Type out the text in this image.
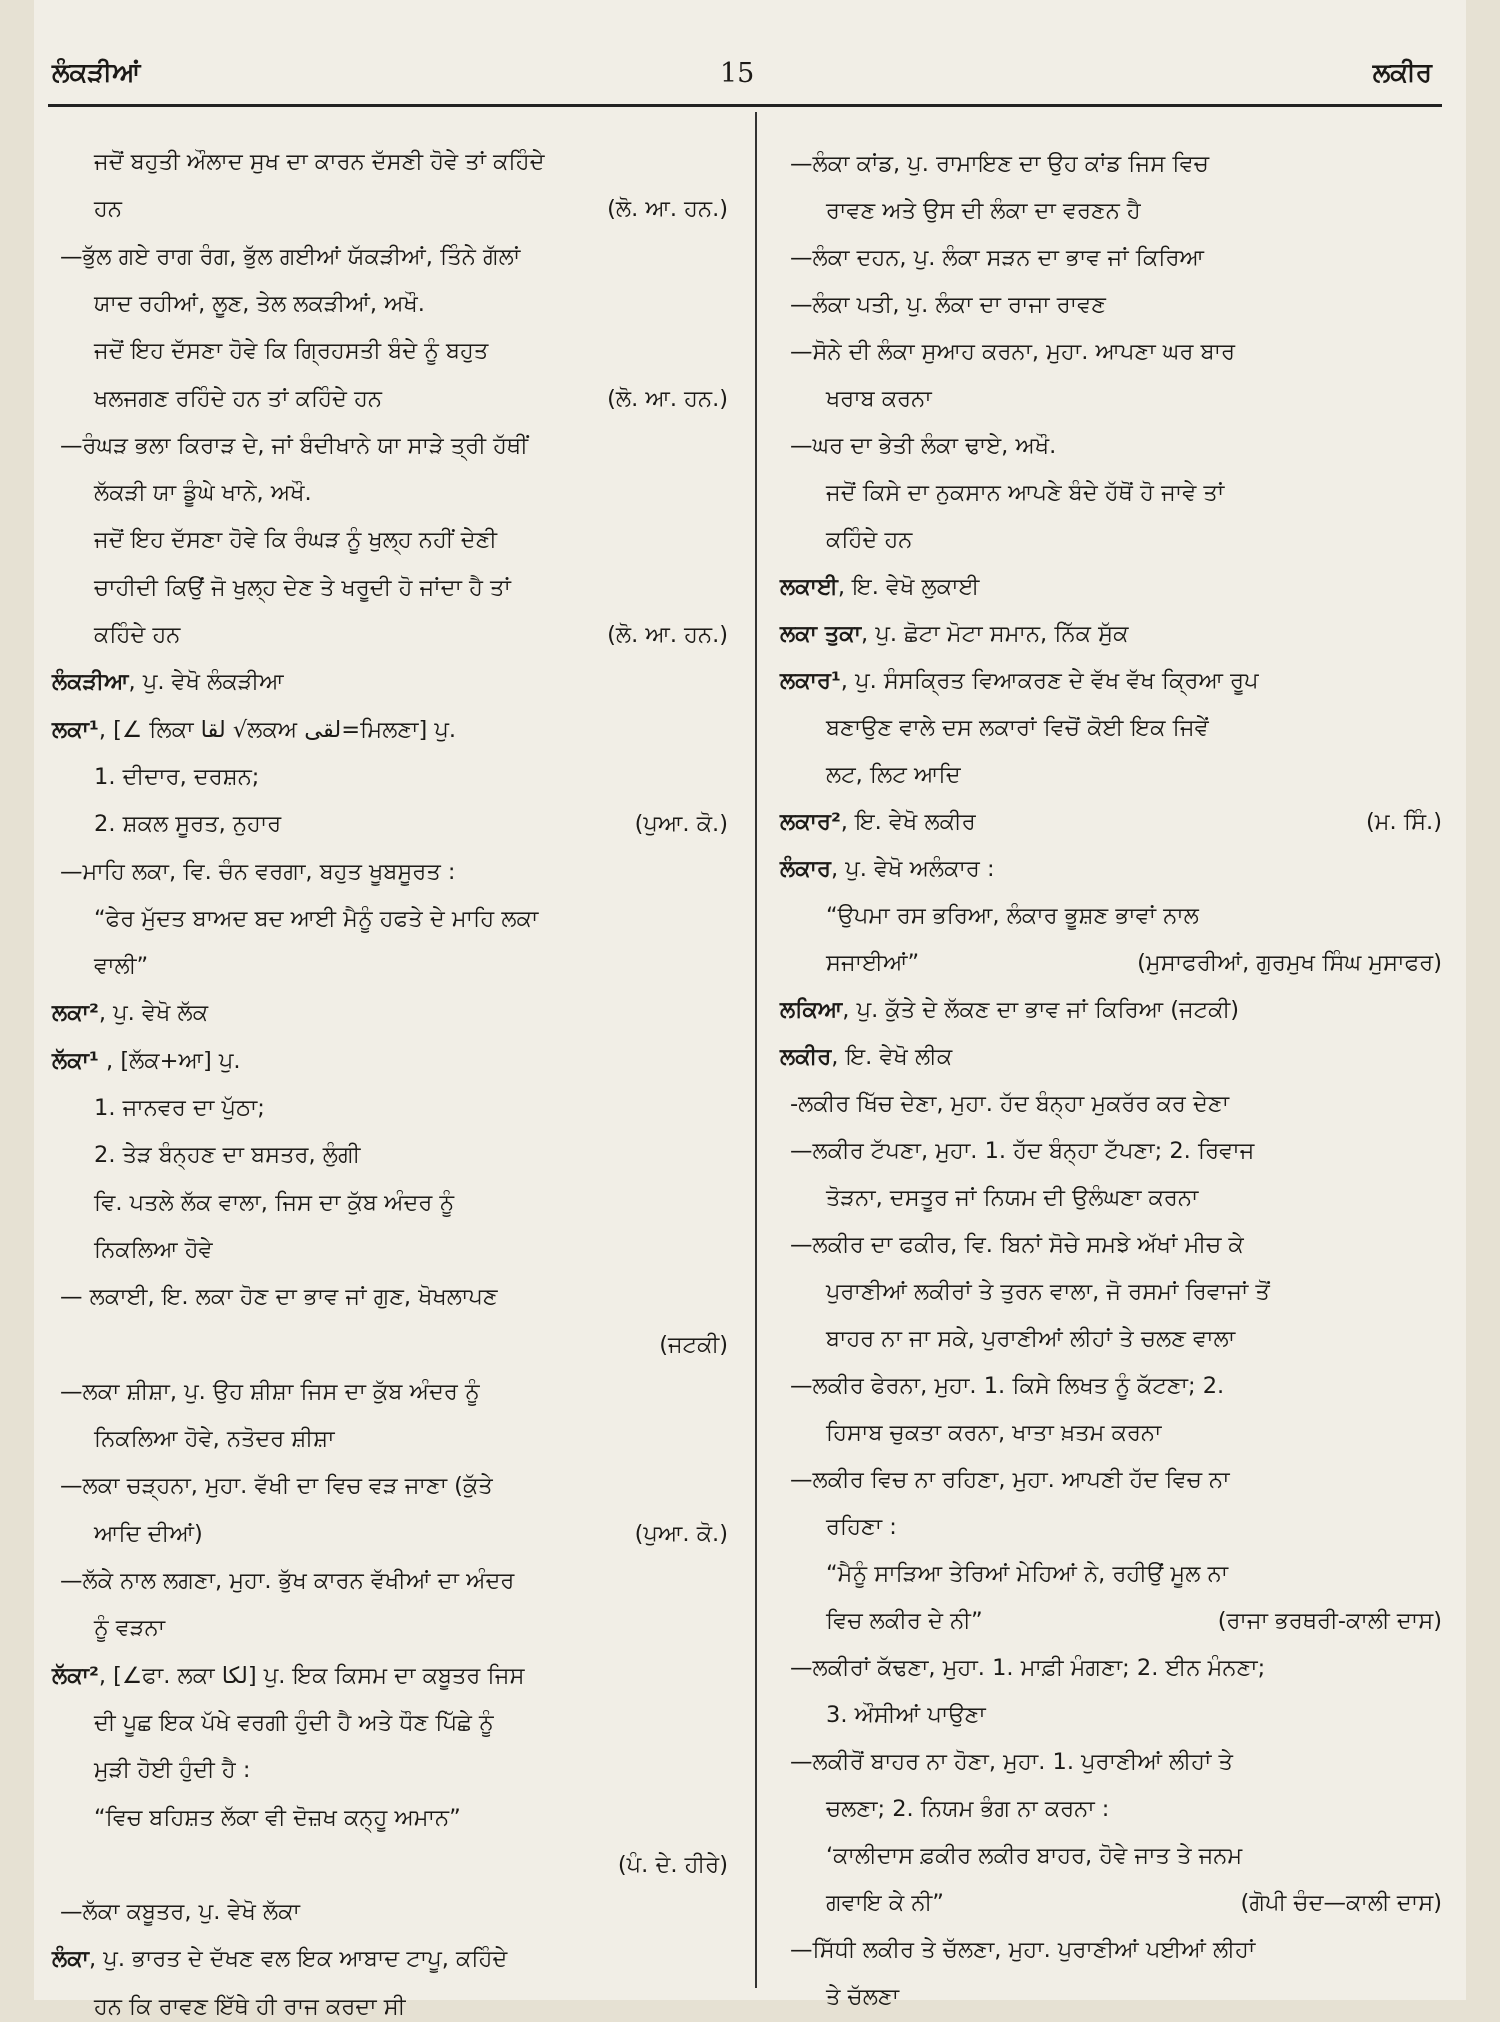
ਲੰਕੜੀਆਂ	15	ਲਕੀਰ
ਜਦੋਂ ਬਹੁਤੀ ਔਲਾਦ ਸੁਖ ਦਾ ਕਾਰਨ ਦੱਸਣੀ ਹੋਵੇ ਤਾਂ ਕਹਿੰਦੇ
ਹਨ	(ਲੋ. ਆ. ਹਨ.)
—ਭੁੱਲ ਗਏ ਰਾਗ ਰੰਗ, ਭੁੱਲ ਗਈਆਂ ਯੱਕੜੀਆਂ, ਤਿੰਨੇ ਗੱਲਾਂ
ਯਾਦ ਰਹੀਆਂ, ਲੂਣ, ਤੇਲ ਲਕੜੀਆਂ, ਅਖੌ.
ਜਦੋਂ ਇਹ ਦੱਸਣਾ ਹੋਵੇ ਕਿ ਗ੍ਰਿਹਸਤੀ ਬੰਦੇ ਨੂੰ ਬਹੁਤ
ਖਲਜਗਣ ਰਹਿੰਦੇ ਹਨ ਤਾਂ ਕਹਿੰਦੇ ਹਨ	(ਲੋ. ਆ. ਹਨ.)
—ਰੰਘੜ ਭਲਾ ਕਿਰਾੜ ਦੇ, ਜਾਂ ਬੰਦੀਖਾਨੇ ਯਾ ਸਾੜੇ ਤ੍ਰੀ ਹੱਥੀਂ
ਲੱਕੜੀ ਯਾ ਡੂੰਘੇ ਖਾਨੇ, ਅਖੌ.
ਜਦੋਂ ਇਹ ਦੱਸਣਾ ਹੋਵੇ ਕਿ ਰੰਘੜ ਨੂੰ ਖੁਲ੍ਹ ਨਹੀਂ ਦੇਣੀ
ਚਾਹੀਦੀ ਕਿਉਂ ਜੋ ਖੁਲ੍ਹ ਦੇਣ ਤੇ ਖਰੂਦੀ ਹੋ ਜਾਂਦਾ ਹੈ ਤਾਂ
ਕਹਿੰਦੇ ਹਨ	(ਲੋ. ਆ. ਹਨ.)
ਲੰਕੜੀਆ, ਪੁ. ਵੇਖੋ ਲੰਕੜੀਆ
ਲਕਾ¹, [∠ ਲਿਕਾ لقا √ਲਕਅ لقی=ਮਿਲਣਾ] ਪੁ.
1. ਦੀਦਾਰ, ਦਰਸ਼ਨ;
2. ਸ਼ਕਲ ਸੂਰਤ, ਨੁਹਾਰ	(ਪੁਆ. ਕੋ.)
—ਮਾਹਿ ਲਕਾ, ਵਿ. ਚੰਨ ਵਰਗਾ, ਬਹੁਤ ਖੂਬਸੂਰਤ :
“ਫੇਰ ਮੁੱਦਤ ਬਾਅਦ ਬਦ ਆਈ ਮੈਨੂੰ ਹਫਤੇ ਦੇ ਮਾਹਿ ਲਕਾ
ਵਾਲੀ”
ਲਕਾ², ਪੁ. ਵੇਖੋ ਲੱਕ
ਲੱਕਾ¹ , [ਲੱਕ+ਆ] ਪੁ.
1. ਜਾਨਵਰ ਦਾ ਪੁੱਠਾ;
2. ਤੇੜ ਬੰਨ੍ਹਣ ਦਾ ਬਸਤਰ, ਲੁੰਗੀ
ਵਿ. ਪਤਲੇ ਲੱਕ ਵਾਲਾ, ਜਿਸ ਦਾ ਕੁੱਬ ਅੰਦਰ ਨੂੰ
ਨਿਕਲਿਆ ਹੋਵੇ
— ਲਕਾਈ, ਇ. ਲਕਾ ਹੋਣ ਦਾ ਭਾਵ ਜਾਂ ਗੁਣ, ਖੋਖਲਾਪਣ
(ਜਟਕੀ)
—ਲਕਾ ਸ਼ੀਸ਼ਾ, ਪੁ. ਉਹ ਸ਼ੀਸ਼ਾ ਜਿਸ ਦਾ ਕੁੱਬ ਅੰਦਰ ਨੂੰ
ਨਿਕਲਿਆ ਹੋਵੇ, ਨਤੋਦਰ ਸ਼ੀਸ਼ਾ
—ਲਕਾ ਚੜ੍ਹਨਾ, ਮੁਹਾ. ਵੱਖੀ ਦਾ ਵਿਚ ਵੜ ਜਾਣਾ (ਕੁੱਤੇ
ਆਦਿ ਦੀਆਂ)	(ਪੁਆ. ਕੋ.)
—ਲੱਕੇ ਨਾਲ ਲਗਣਾ, ਮੁਹਾ. ਭੁੱਖ ਕਾਰਨ ਵੱਖੀਆਂ ਦਾ ਅੰਦਰ
ਨੂੰ ਵੜਨਾ
ਲੱਕਾ², [∠ਫਾ. ਲਕਾ لکا] ਪੁ. ਇਕ ਕਿਸਮ ਦਾ ਕਬੂਤਰ ਜਿਸ
ਦੀ ਪੂਛ ਇਕ ਪੱਖੇ ਵਰਗੀ ਹੁੰਦੀ ਹੈ ਅਤੇ ਧੌਣ ਪਿੱਛੇ ਨੂੰ
ਮੁੜੀ ਹੋਈ ਹੁੰਦੀ ਹੈ :
“ਵਿਚ ਬਹਿਸ਼ਤ ਲੱਕਾ ਵੀ ਦੋਜ਼ਖ ਕਨ੍ਹੂ ਅਮਾਨ”
(ਪੰ. ਦੇ. ਹੀਰੇ)
—ਲੱਕਾ ਕਬੂਤਰ, ਪੁ. ਵੇਖੋ ਲੱਕਾ
ਲੰਕਾ, ਪੁ. ਭਾਰਤ ਦੇ ਦੱਖਣ ਵਲ ਇਕ ਆਬਾਦ ਟਾਪੂ, ਕਹਿੰਦੇ
ਹਨ ਕਿ ਰਾਵਣ ਇੱਥੇ ਹੀ ਰਾਜ ਕਰਦਾ ਸੀ
—ਲੰਕਾ ਕਾਂਡ, ਪੁ. ਰਾਮਾਇਣ ਦਾ ਉਹ ਕਾਂਡ ਜਿਸ ਵਿਚ
ਰਾਵਣ ਅਤੇ ਉਸ ਦੀ ਲੰਕਾ ਦਾ ਵਰਣਨ ਹੈ
—ਲੰਕਾ ਦਹਨ, ਪੁ. ਲੰਕਾ ਸੜਨ ਦਾ ਭਾਵ ਜਾਂ ਕਿਰਿਆ
—ਲੰਕਾ ਪਤੀ, ਪੁ. ਲੰਕਾ ਦਾ ਰਾਜਾ ਰਾਵਣ
—ਸੋਨੇ ਦੀ ਲੰਕਾ ਸੁਆਹ ਕਰਨਾ, ਮੁਹਾ. ਆਪਣਾ ਘਰ ਬਾਰ
ਖਰਾਬ ਕਰਨਾ
—ਘਰ ਦਾ ਭੇਤੀ ਲੰਕਾ ਢਾਏ, ਅਖੌ.
ਜਦੋਂ ਕਿਸੇ ਦਾ ਨੁਕਸਾਨ ਆਪਣੇ ਬੰਦੇ ਹੱਥੋਂ ਹੋ ਜਾਵੇ ਤਾਂ
ਕਹਿੰਦੇ ਹਨ
ਲਕਾਈ, ਇ. ਵੇਖੋ ਲੁਕਾਈ
ਲਕਾ ਤੁਕਾ, ਪੁ. ਛੋਟਾ ਮੋਟਾ ਸਮਾਨ, ਨਿੱਕ ਸੁੱਕ
ਲਕਾਰ¹, ਪੁ. ਸੰਸਕ੍ਰਿਤ ਵਿਆਕਰਣ ਦੇ ਵੱਖ ਵੱਖ ਕ੍ਰਿਆ ਰੂਪ
ਬਣਾਉਣ ਵਾਲੇ ਦਸ ਲਕਾਰਾਂ ਵਿਚੋਂ ਕੋਈ ਇਕ ਜਿਵੇਂ
ਲਟ, ਲਿਟ ਆਦਿ
ਲਕਾਰ², ਇ. ਵੇਖੋ ਲਕੀਰ	(ਮ. ਸਿੰ.)
ਲੰਕਾਰ, ਪੁ. ਵੇਖੋ ਅਲੰਕਾਰ :
“ਉਪਮਾ ਰਸ ਭਰਿਆ, ਲੰਕਾਰ ਭੂਸ਼ਣ ਭਾਵਾਂ ਨਾਲ
ਸਜਾਈਆਂ”	(ਮੁਸਾਫਰੀਆਂ, ਗੁਰਮੁਖ ਸਿੰਘ ਮੁਸਾਫਰ)
ਲਕਿਆ, ਪੁ. ਕੁੱਤੇ ਦੇ ਲੱਕਣ ਦਾ ਭਾਵ ਜਾਂ ਕਿਰਿਆ (ਜਟਕੀ)
ਲਕੀਰ, ਇ. ਵੇਖੋ ਲੀਕ
-ਲਕੀਰ ਖਿੱਚ ਦੇਣਾ, ਮੁਹਾ. ਹੱਦ ਬੰਨ੍ਹਾ ਮੁਕਰੱਰ ਕਰ ਦੇਣਾ
—ਲਕੀਰ ਟੱਪਣਾ, ਮੁਹਾ. 1. ਹੱਦ ਬੰਨ੍ਹਾ ਟੱਪਣਾ; 2. ਰਿਵਾਜ
ਤੋੜਨਾ, ਦਸਤੂਰ ਜਾਂ ਨਿਯਮ ਦੀ ਉਲੰਘਣਾ ਕਰਨਾ
—ਲਕੀਰ ਦਾ ਫਕੀਰ, ਵਿ. ਬਿਨਾਂ ਸੋਚੇ ਸਮਝੇ ਅੱਖਾਂ ਮੀਚ ਕੇ
ਪੁਰਾਣੀਆਂ ਲਕੀਰਾਂ ਤੇ ਤੁਰਨ ਵਾਲਾ, ਜੋ ਰਸਮਾਂ ਰਿਵਾਜਾਂ ਤੋਂ
ਬਾਹਰ ਨਾ ਜਾ ਸਕੇ, ਪੁਰਾਣੀਆਂ ਲੀਹਾਂ ਤੇ ਚਲਣ ਵਾਲਾ
—ਲਕੀਰ ਫੇਰਨਾ, ਮੁਹਾ. 1. ਕਿਸੇ ਲਿਖਤ ਨੂੰ ਕੱਟਣਾ; 2.
ਹਿਸਾਬ ਚੁਕਤਾ ਕਰਨਾ, ਖਾਤਾ ਖ਼ਤਮ ਕਰਨਾ
—ਲਕੀਰ ਵਿਚ ਨਾ ਰਹਿਣਾ, ਮੁਹਾ. ਆਪਣੀ ਹੱਦ ਵਿਚ ਨਾ
ਰਹਿਣਾ :
“ਮੈਨੂੰ ਸਾੜਿਆ ਤੇਰਿਆਂ ਮੇਹਿਆਂ ਨੇ, ਰਹੀਉਂ ਮੂਲ ਨਾ
ਵਿਚ ਲਕੀਰ ਦੇ ਨੀ”	(ਰਾਜਾ ਭਰਥਰੀ-ਕਾਲੀ ਦਾਸ)
—ਲਕੀਰਾਂ ਕੱਢਣਾ, ਮੁਹਾ. 1. ਮਾਫ਼ੀ ਮੰਗਣਾ; 2. ਈਨ ਮੰਨਣਾ;
3. ਔਸੀਆਂ ਪਾਉਣਾ
—ਲਕੀਰੋਂ ਬਾਹਰ ਨਾ ਹੋਣਾ, ਮੁਹਾ. 1. ਪੁਰਾਣੀਆਂ ਲੀਹਾਂ ਤੇ
ਚਲਣਾ; 2. ਨਿਯਮ ਭੰਗ ਨਾ ਕਰਨਾ :
‘ਕਾਲੀਦਾਸ ਫ਼ਕੀਰ ਲਕੀਰ ਬਾਹਰ, ਹੋਵੇ ਜਾਤ ਤੇ ਜਨਮ
ਗਵਾਇ ਕੇ ਨੀ”	(ਗੋਪੀ ਚੰਦ—ਕਾਲੀ ਦਾਸ)
—ਸਿੱਧੀ ਲਕੀਰ ਤੇ ਚੱਲਣਾ, ਮੁਹਾ. ਪੁਰਾਣੀਆਂ ਪਈਆਂ ਲੀਹਾਂ
ਤੇ ਚੱਲਣਾ
